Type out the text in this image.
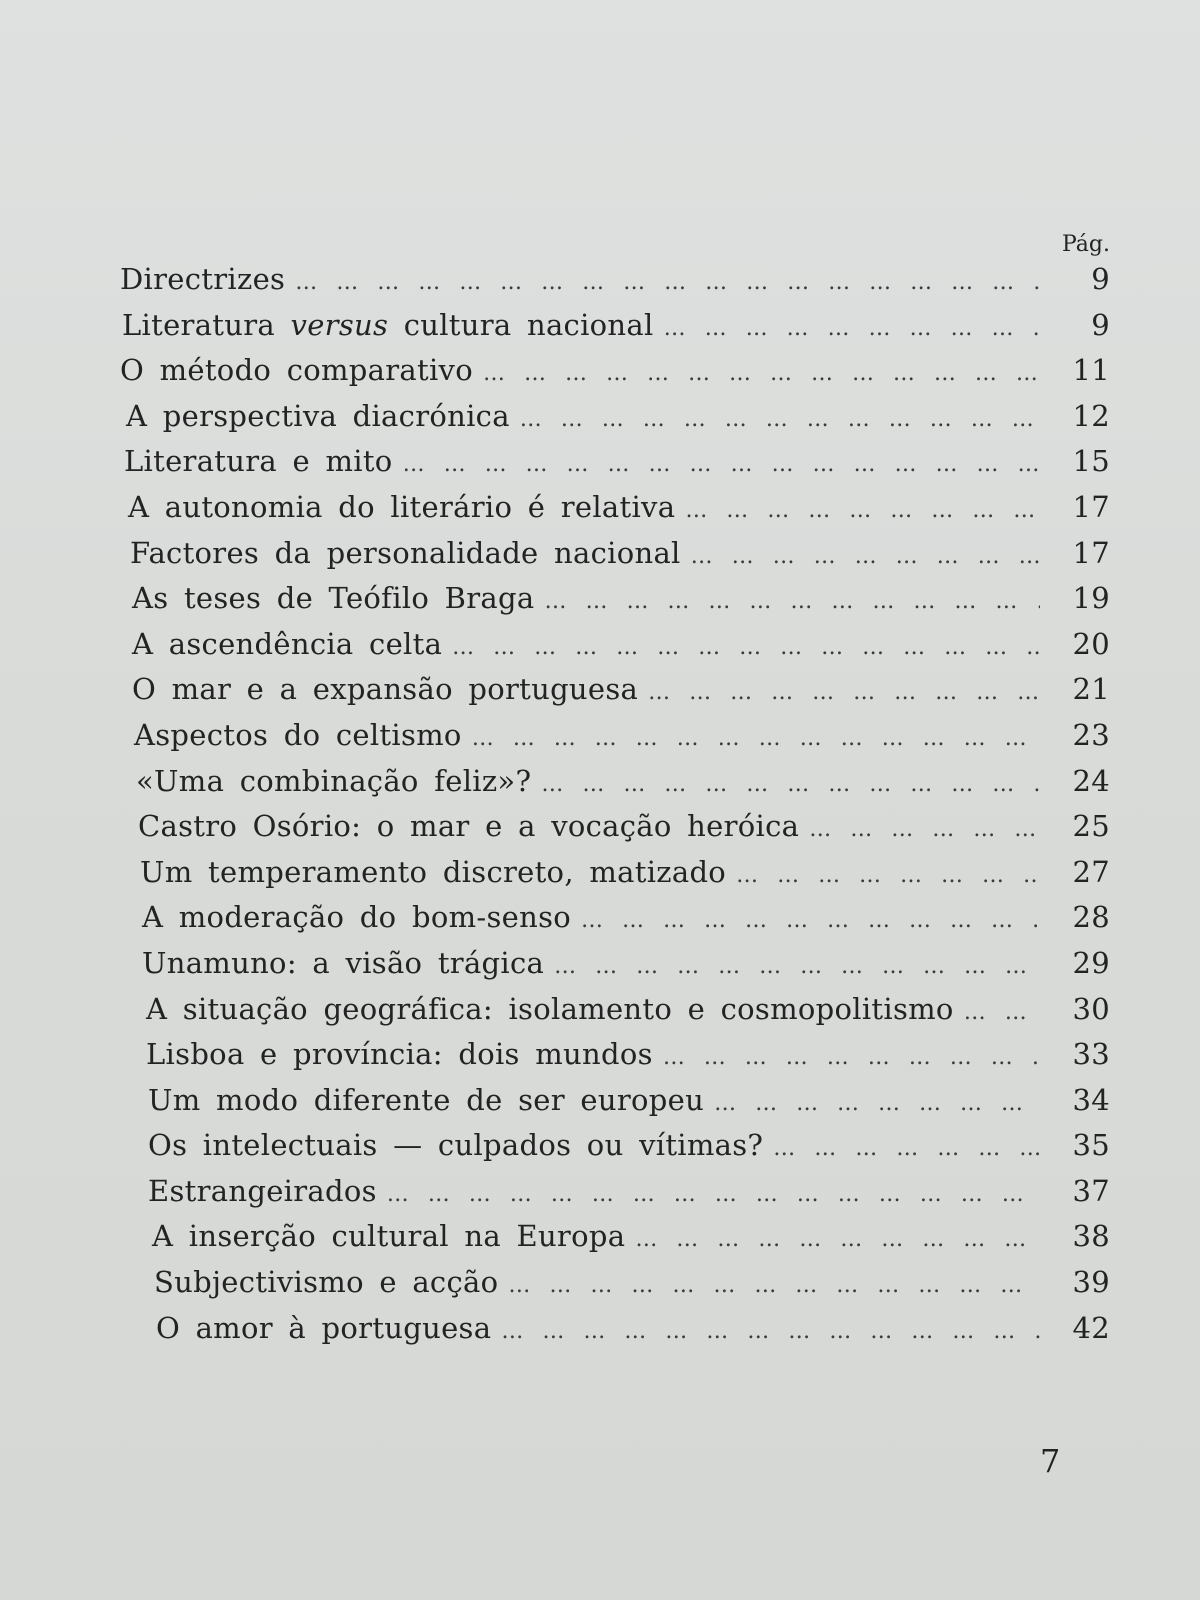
Pág.
Directrizes … … … … … … … … … … … … … … … … … … … … … … … … … … … … … …	9
Literatura versus cultura nacional … … … … … … … … … … … … … … … … … … … … … … … … … … … … … …	9
O método comparativo … … … … … … … … … … … … … … … … … … … … … … … … … … … … … …	11
A perspectiva diacrónica … … … … … … … … … … … … … … … … … … … … … … … … … … … … … …	12
Literatura e mito … … … … … … … … … … … … … … … … … … … … … … … … … … … … … …	15
A autonomia do literário é relativa … … … … … … … … … … … … … … … … … … … … … … … … … … … … … …	17
Factores da personalidade nacional … … … … … … … … … … … … … … … … … … … … … … … … … … … … … …	17
As teses de Teófilo Braga … … … … … … … … … … … … … … … … … … … … … … … … … … … … … …	19
A ascendência celta … … … … … … … … … … … … … … … … … … … … … … … … … … … … … …	20
O mar e a expansão portuguesa … … … … … … … … … … … … … … … … … … … … … … … … … … … … … …	21
Aspectos do celtismo … … … … … … … … … … … … … … … … … … … … … … … … … … … … … …	23
«Uma combinação feliz»? … … … … … … … … … … … … … … … … … … … … … … … … … … … … … …	24
Castro Osório: o mar e a vocação heróica … … … … … … … … … … … … … … … … … … … … … … … … … … … … … …	25
Um temperamento discreto, matizado … … … … … … … … … … … … … … … … … … … … … … … … … … … … … …	27
A moderação do bom-senso … … … … … … … … … … … … … … … … … … … … … … … … … … … … … …	28
Unamuno: a visão trágica … … … … … … … … … … … … … … … … … … … … … … … … … … … … … …	29
A situação geográfica: isolamento e cosmopolitismo … … … … … … … … … … … … … … … … … … … … … … … … … … … … … …	30
Lisboa e província: dois mundos … … … … … … … … … … … … … … … … … … … … … … … … … … … … … …	33
Um modo diferente de ser europeu … … … … … … … … … … … … … … … … … … … … … … … … … … … … … …	34
Os intelectuais — culpados ou vítimas? … … … … … … … … … … … … … … … … … … … … … … … … … … … … … …	35
Estrangeirados … … … … … … … … … … … … … … … … … … … … … … … … … … … … … …	37
A inserção cultural na Europa … … … … … … … … … … … … … … … … … … … … … … … … … … … … … …	38
Subjectivismo e acção … … … … … … … … … … … … … … … … … … … … … … … … … … … … … …	39
O amor à portuguesa … … … … … … … … … … … … … … … … … … … … … … … … … … … … … …	42
7
